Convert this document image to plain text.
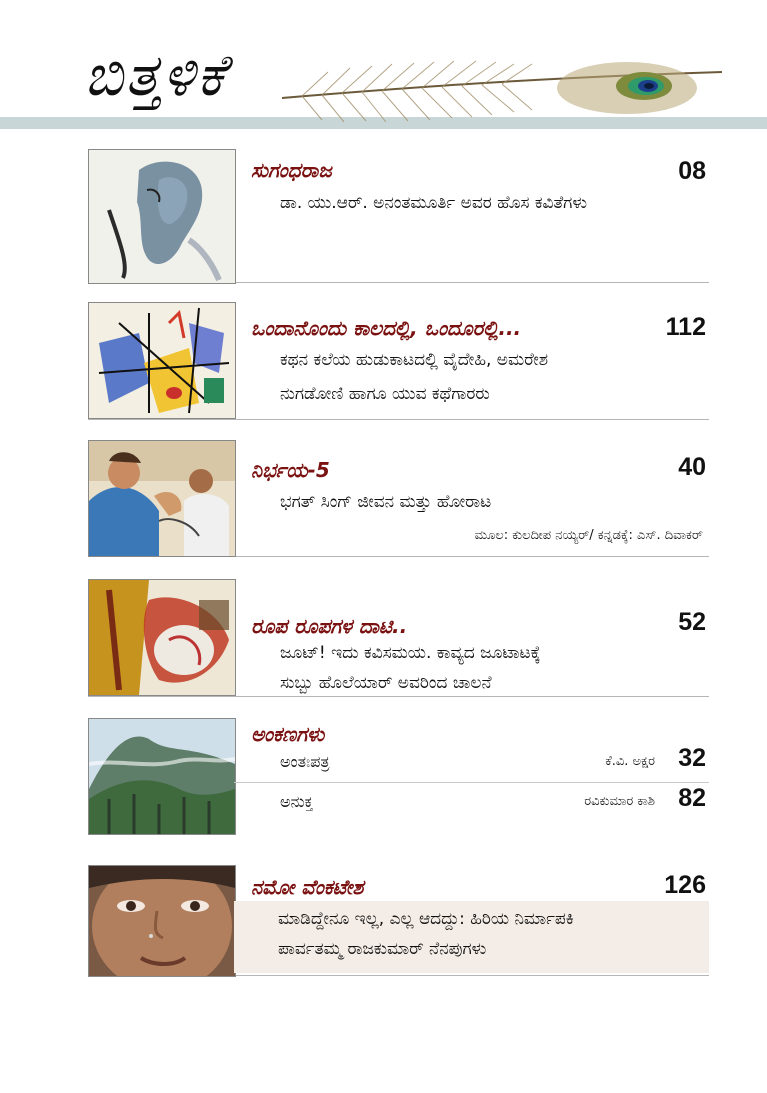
ಬಿತ್ತಳಿಕೆ
ಸುಗಂಧರಾಜ	08
ಡಾ. ಯು.ಆರ್. ಅನಂತಮೂರ್ತಿ ಅವರ ಹೊಸ ಕವಿತೆಗಳು
ಒಂದಾನೊಂದು ಕಾಲದಲ್ಲಿ, ಒಂದೂರಲ್ಲಿ...	112
ಕಥನ ಕಲೆಯ ಹುಡುಕಾಟದಲ್ಲಿ ವೈದೇಹಿ, ಅಮರೇಶ
ನುಗಡೋಣಿ ಹಾಗೂ ಯುವ ಕಥೆಗಾರರು
ನಿರ್ಭಯ-5	40
ಭಗತ್ ಸಿಂಗ್ ಜೀವನ ಮತ್ತು ಹೋರಾಟ
ಮೂಲ: ಕುಲದೀಪ ನಯ್ಯರ್/ ಕನ್ನಡಕ್ಕೆ: ಎಸ್. ದಿವಾಕರ್
ರೂಪ ರೂಪಗಳ ದಾಟಿ..	52
ಜೂಟ್! ಇದು ಕವಿಸಮಯ. ಕಾವ್ಯದ ಜೂಟಾಟಕ್ಕೆ
ಸುಬ್ಬು ಹೊಲೆಯಾರ್ ಅವರಿಂದ ಚಾಲನೆ
ಅಂಕಣಗಳು
ಅಂತಃಪತ್ರ	ಕೆ.ವಿ. ಅಕ್ಷರ 32
ಅನುಕ್ತ	ರವಿಕುಮಾರ ಕಾಶಿ 82
ನಮೋ ವೆಂಕಟೇಶ	126
ಮಾಡಿದ್ದೇನೂ ಇಲ್ಲ, ಎಲ್ಲ ಆದದ್ದು: ಹಿರಿಯ ನಿರ್ಮಾಪಕಿ
ಪಾರ್ವತಮ್ಮ ರಾಜಕುಮಾರ್ ನೆನಪುಗಳು
